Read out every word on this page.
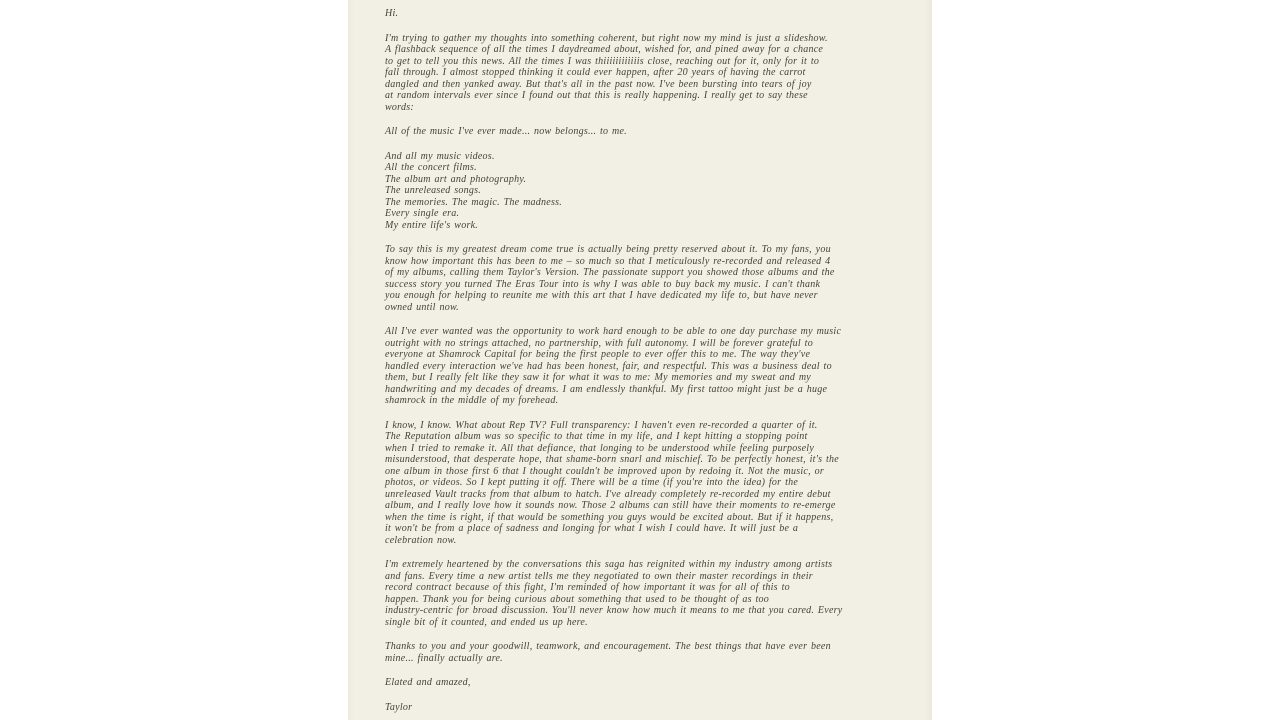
Hi.
I'm trying to gather my thoughts into something coherent, but right now my mind is just a slideshow.
A flashback sequence of all the times I daydreamed about, wished for, and pined away for a chance
to get to tell you this news. All the times I was thiiiiiiiiiiiis close, reaching out for it, only for it to
fall through. I almost stopped thinking it could ever happen, after 20 years of having the carrot
dangled and then yanked away. But that's all in the past now. I've been bursting into tears of joy
at random intervals ever since I found out that this is really happening. I really get to say these
words:
All of the music I've ever made... now belongs... to me.
And all my music videos.
All the concert films.
The album art and photography.
The unreleased songs.
The memories. The magic. The madness.
Every single era.
My entire life's work.
To say this is my greatest dream come true is actually being pretty reserved about it. To my fans, you
know how important this has been to me – so much so that I meticulously re-recorded and released 4
of my albums, calling them Taylor's Version. The passionate support you showed those albums and the
success story you turned The Eras Tour into is why I was able to buy back my music. I can't thank
you enough for helping to reunite me with this art that I have dedicated my life to, but have never
owned until now.
All I've ever wanted was the opportunity to work hard enough to be able to one day purchase my music
outright with no strings attached, no partnership, with full autonomy. I will be forever grateful to
everyone at Shamrock Capital for being the first people to ever offer this to me. The way they've
handled every interaction we've had has been honest, fair, and respectful. This was a business deal to
them, but I really felt like they saw it for what it was to me: My memories and my sweat and my
handwriting and my decades of dreams. I am endlessly thankful. My first tattoo might just be a huge
shamrock in the middle of my forehead.
I know, I know. What about Rep TV? Full transparency: I haven't even re-recorded a quarter of it.
The Reputation album was so specific to that time in my life, and I kept hitting a stopping point
when I tried to remake it. All that defiance, that longing to be understood while feeling purposely
misunderstood, that desperate hope, that shame-born snarl and mischief. To be perfectly honest, it's the
one album in those first 6 that I thought couldn't be improved upon by redoing it. Not the music, or
photos, or videos. So I kept putting it off. There will be a time (if you're into the idea) for the
unreleased Vault tracks from that album to hatch. I've already completely re-recorded my entire debut
album, and I really love how it sounds now. Those 2 albums can still have their moments to re-emerge
when the time is right, if that would be something you guys would be excited about. But if it happens,
it won't be from a place of sadness and longing for what I wish I could have. It will just be a
celebration now.
I'm extremely heartened by the conversations this saga has reignited within my industry among artists
and fans. Every time a new artist tells me they negotiated to own their master recordings in their
record contract because of this fight, I'm reminded of how important it was for all of this to
happen. Thank you for being curious about something that used to be thought of as too
industry-centric for broad discussion. You'll never know how much it means to me that you cared. Every
single bit of it counted, and ended us up here.
Thanks to you and your goodwill, teamwork, and encouragement. The best things that have ever been
mine... finally actually are.
Elated and amazed,
Taylor
